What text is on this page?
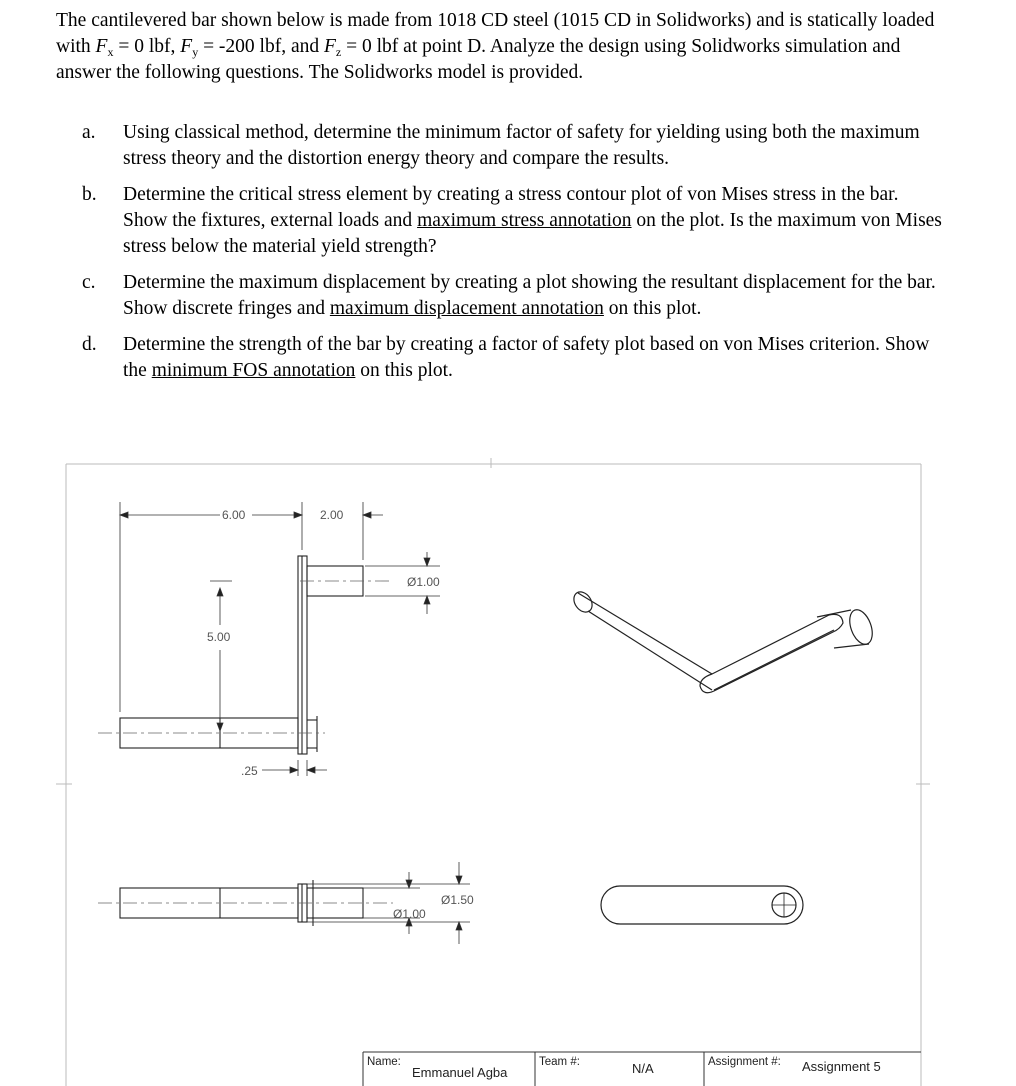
The cantilevered bar shown below is made from 1018 CD steel (1015 CD in Solidworks) and is statically loaded with $F_x = 0$ lbf, $F_y = -200$ lbf, and $F_z = 0$ lbf at point D. Analyze the design using Solidworks simulation and answer the following questions. The Solidworks model is provided.
a. Using classical method, determine the minimum factor of safety for yielding using both the maximum stress theory and the distortion energy theory and compare the results.
b. Determine the critical stress element by creating a stress contour plot of von Mises stress in the bar. Show the fixtures, external loads and maximum stress annotation on the plot. Is the maximum von Mises stress below the material yield strength?
c. Determine the maximum displacement by creating a plot showing the resultant displacement for the bar. Show discrete fringes and maximum displacement annotation on this plot.
d. Determine the strength of the bar by creating a factor of safety plot based on von Mises criterion. Show the minimum FOS annotation on this plot.
6.00	2.00
Ø1.00
5.00
.25
Ø1.50
Ø1.00
Name:
Emmanuel Agba
Team #:	N/A	Assignment #: Assignment 5
